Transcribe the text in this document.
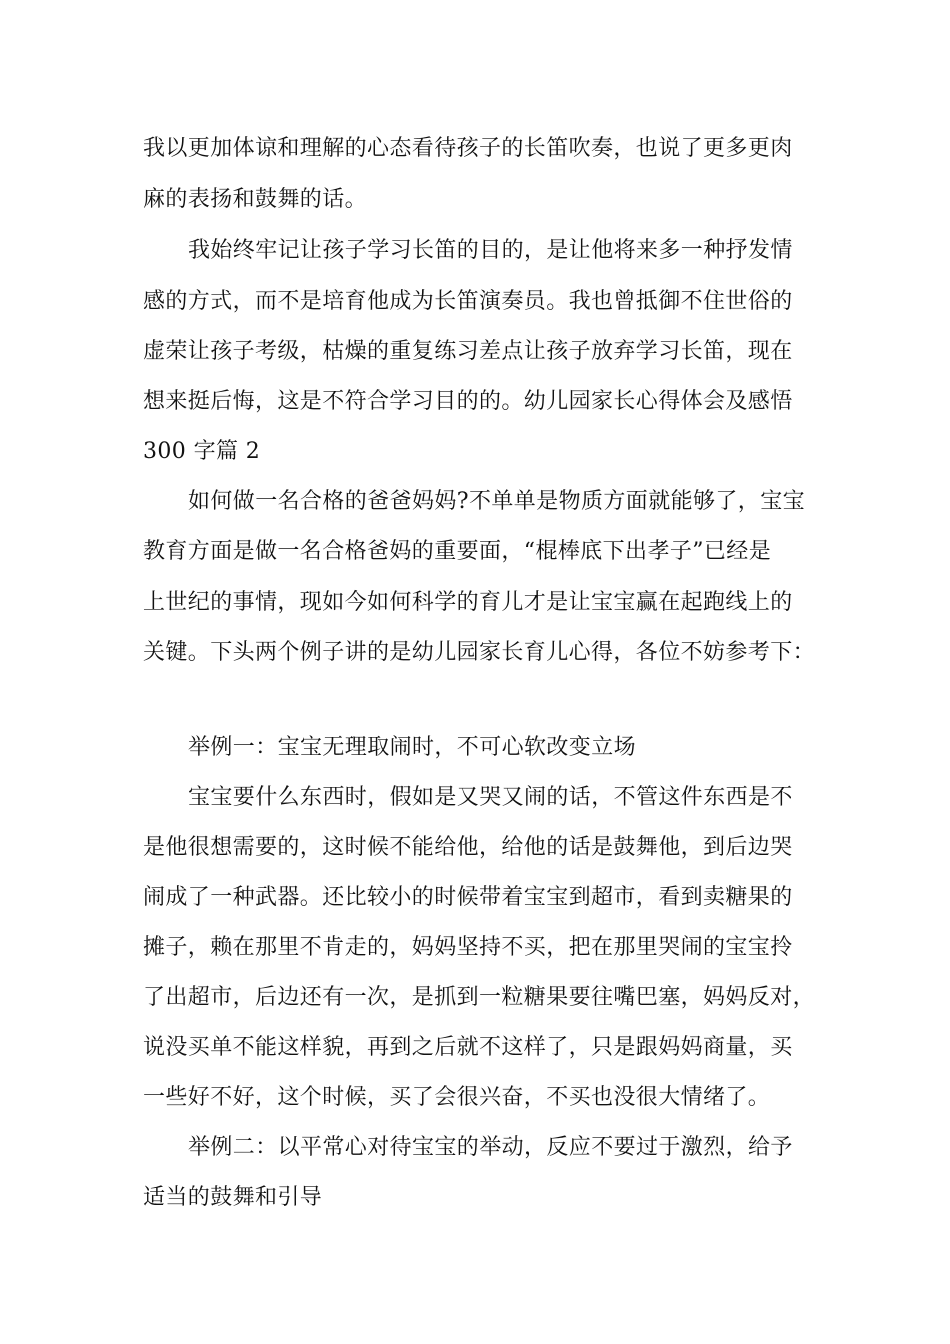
我以更加体谅和理解的心态看待孩子的长笛吹奏，也说了更多更肉
麻的表扬和鼓舞的话。
我始终牢记让孩子学习长笛的目的，是让他将来多一种抒发情
感的方式，而不是培育他成为长笛演奏员。我也曾抵御不住世俗的
虚荣让孩子考级，枯燥的重复练习差点让孩子放弃学习长笛，现在
想来挺后悔，这是不符合学习目的的。幼儿园家长心得体会及感悟
300 字篇 2
如何做一名合格的爸爸妈妈?不单单是物质方面就能够了，宝宝
教育方面是做一名合格爸妈的重要面，“棍棒底下出孝子”已经是
上世纪的事情，现如今如何科学的育儿才是让宝宝赢在起跑线上的
关键。下头两个例子讲的是幼儿园家长育儿心得，各位不妨参考下：
举例一：宝宝无理取闹时，不可心软改变立场
宝宝要什么东西时，假如是又哭又闹的话，不管这件东西是不
是他很想需要的，这时候不能给他，给他的话是鼓舞他，到后边哭
闹成了一种武器。还比较小的时候带着宝宝到超市，看到卖糖果的
摊子，赖在那里不肯走的，妈妈坚持不买，把在那里哭闹的宝宝拎
了出超市，后边还有一次，是抓到一粒糖果要往嘴巴塞，妈妈反对，
说没买单不能这样貌，再到之后就不这样了，只是跟妈妈商量，买
一些好不好，这个时候，买了会很兴奋，不买也没很大情绪了。
举例二：以平常心对待宝宝的举动，反应不要过于激烈，给予
适当的鼓舞和引导
